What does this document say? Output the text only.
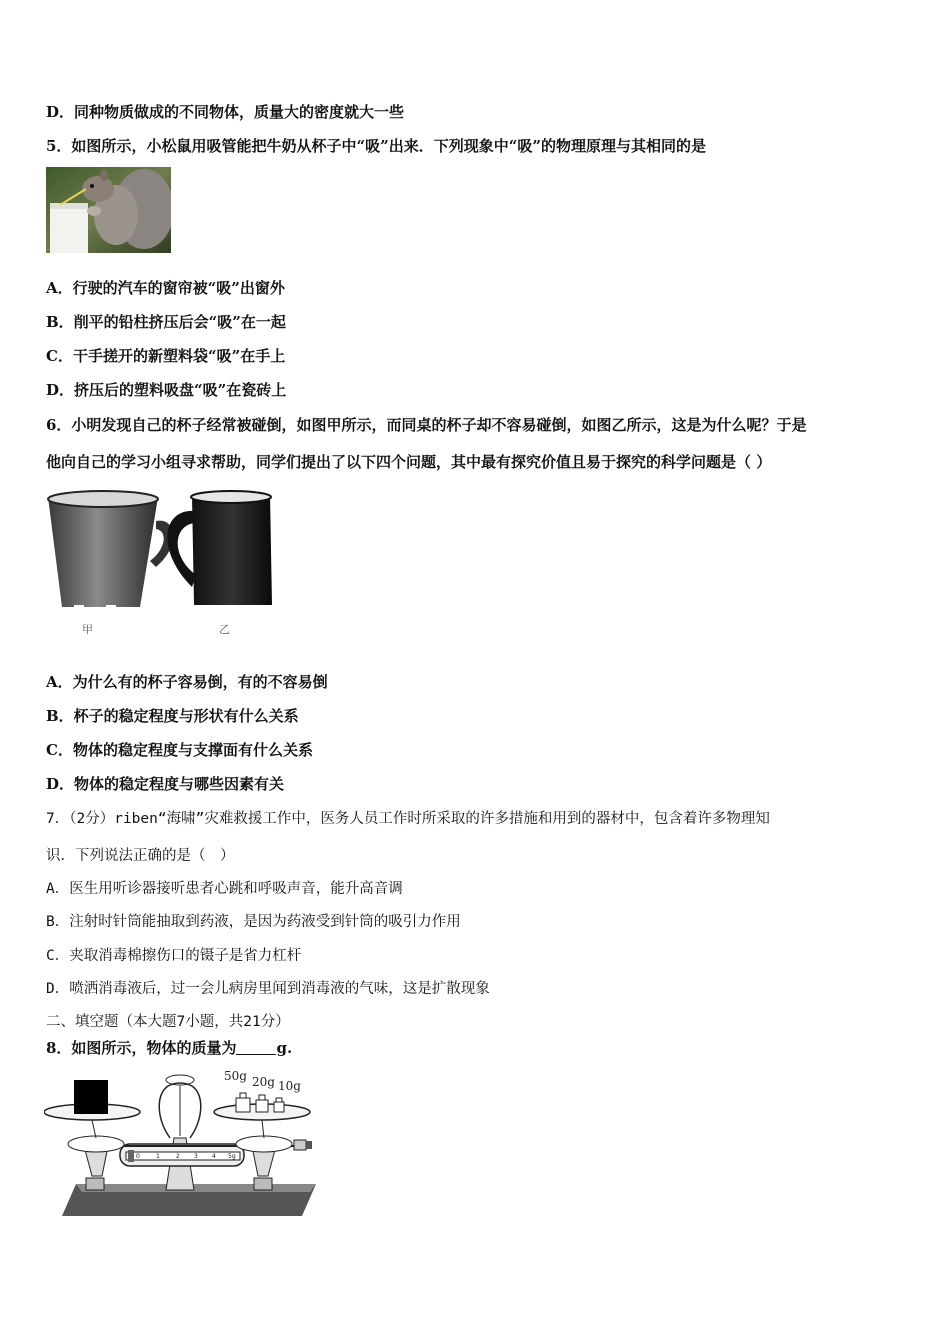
D．同种物质做成的不同物体，质量大的密度就大一些
5．如图所示，小松鼠用吸管能把牛奶从杯子中“吸”出来．下列现象中“吸”的物理原理与其相同的是
A．行驶的汽车的窗帘被“吸”出窗外
B．削平的铅柱挤压后会“吸”在一起
C．干手搓开的新塑料袋“吸”在手上
D．挤压后的塑料吸盘“吸”在瓷砖上
6．小明发现自己的杯子经常被碰倒，如图甲所示，而同桌的杯子却不容易碰倒，如图乙所示，这是为什么呢？于是
他向自己的学习小组寻求帮助，同学们提出了以下四个问题，其中最有探究价值且易于探究的科学问题是（ ）
甲	乙
A．为什么有的杯子容易倒，有的不容易倒
B．杯子的稳定程度与形状有什么关系
C．物体的稳定程度与支撑面有什么关系
D．物体的稳定程度与哪些因素有关
7．（2分）riben“海啸”灾难救援工作中，医务人员工作时所采取的许多措施和用到的器材中，包含着许多物理知
识．下列说法正确的是（　）
A．医生用听诊器接听患者心跳和呼吸声音，能升高音调
B．注射时针筒能抽取到药液，是因为药液受到针筒的吸引力作用
C．夹取消毒棉擦伤口的镊子是省力杠杆
D．喷洒消毒液后，过一会儿病房里闻到消毒液的气味，这是扩散现象
二、填空题（本大题7小题，共21分）
8．如图所示，物体的质量为	g.
0	1	2 3 4 5g
50g 20g 10g
